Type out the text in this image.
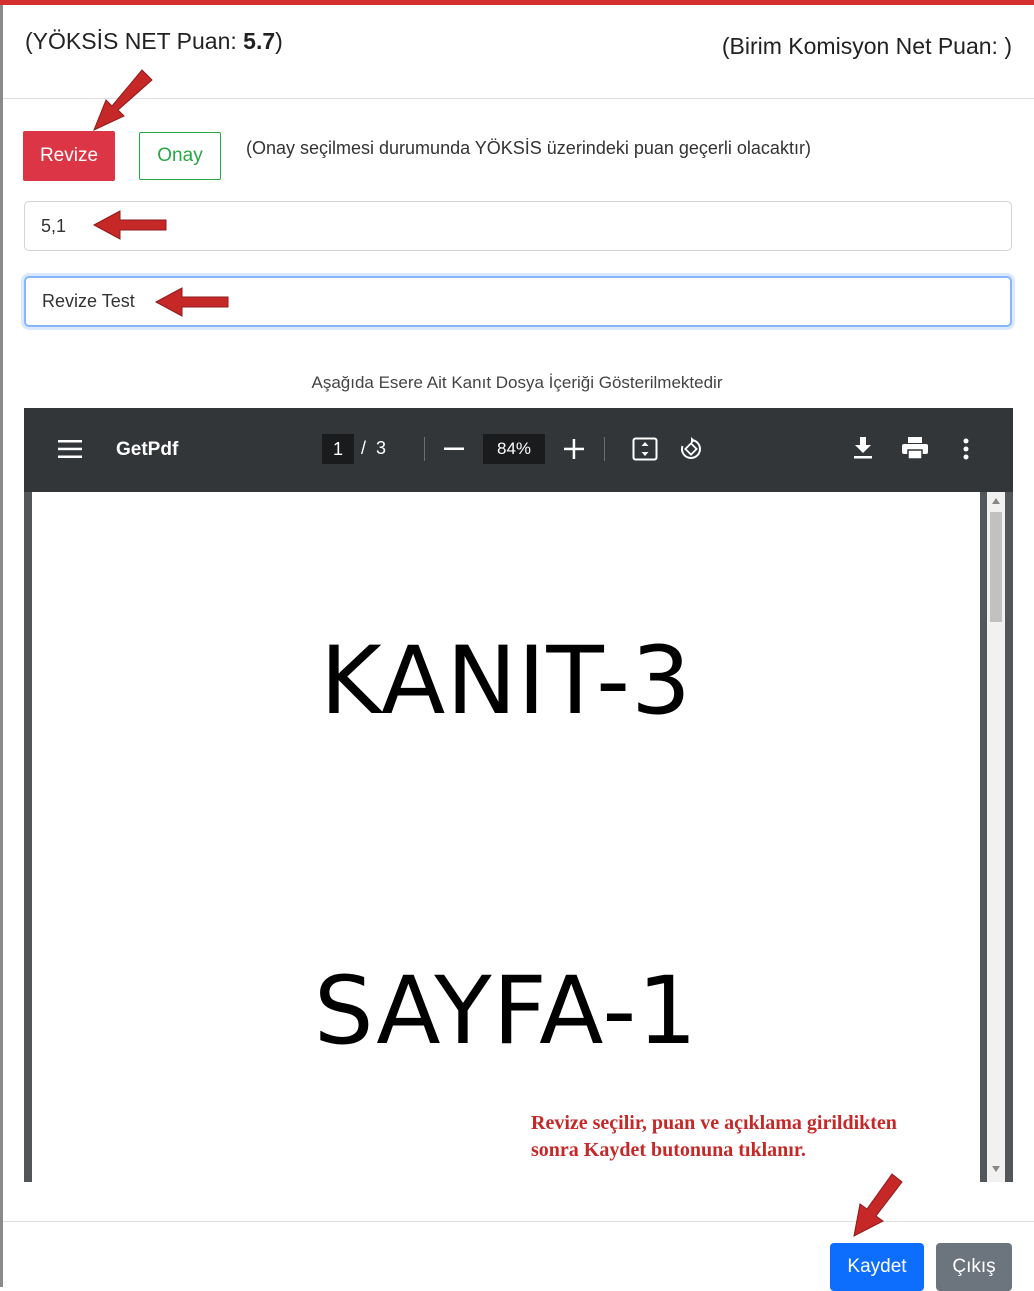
(YÖKSİS NET Puan: 5.7)	(Birim Komisyon Net Puan: )
Revize	Onay	(Onay seçilmesi durumunda YÖKSİS üzerindeki puan geçerli olacaktır)
5,1
Revize Test
Aşağıda Esere Ait Kanıt Dosya İçeriği Gösterilmektedir
GetPdf	1	/ 3	84%
KANIT-3
SAYFA-1
Kaydet	Çıkış
Revize seçilir, puan ve açıklama girildikten
sonra Kaydet butonuna tıklanır.
